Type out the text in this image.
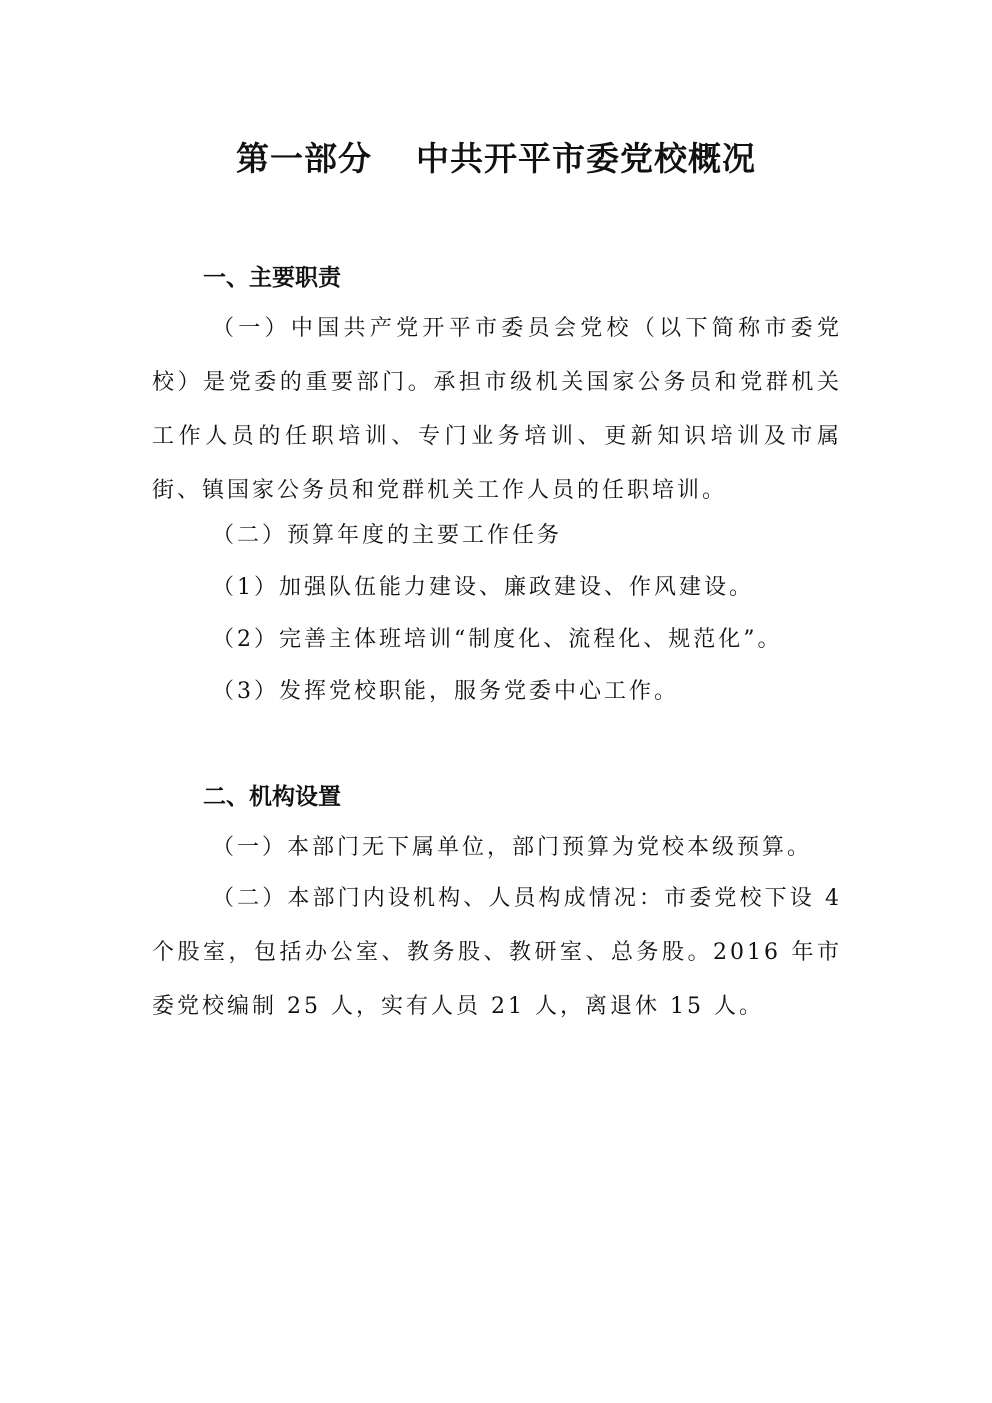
第一部分 中共开平市委党校概况
一、主要职责
（一）中国共产党开平市委员会党校（以下简称市委党校）是党委的重要部门。承担市级机关国家公务员和党群机关工作人员的任职培训、专门业务培训、更新知识培训及市属街、镇国家公务员和党群机关工作人员的任职培训。
（二）预算年度的主要工作任务
（1）加强队伍能力建设、廉政建设、作风建设。
（2）完善主体班培训“制度化、流程化、规范化”。
（3）发挥党校职能，服务党委中心工作。
二、机构设置
（一）本部门无下属单位，部门预算为党校本级预算。
（二）本部门内设机构、人员构成情况：市委党校下设 4 个股室，包括办公室、教务股、教研室、总务股。2016 年市委党校编制 25 人，实有人员 21 人，离退休 15 人。
